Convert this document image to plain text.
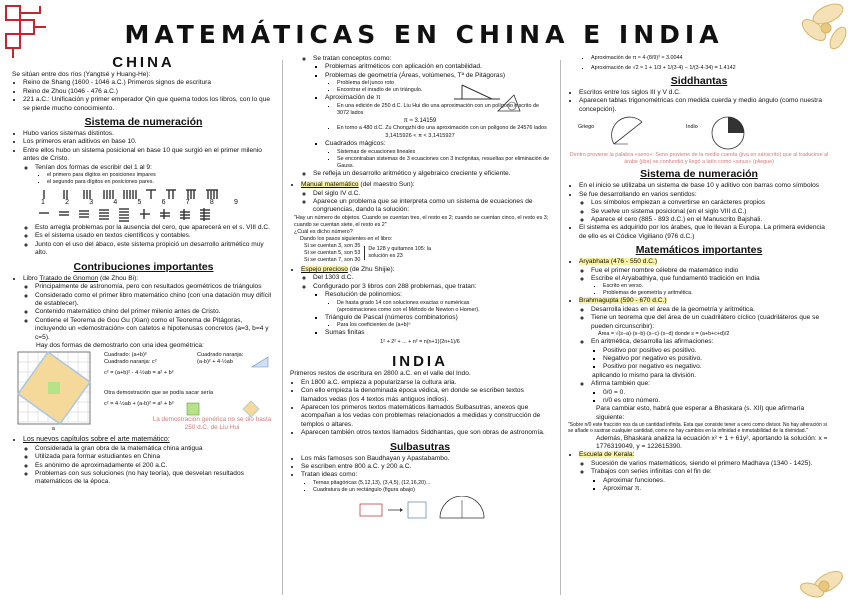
MATEMÁTICAS EN CHINA E INDIA
CHINA
Se sitúan entre dos ríos (Yangtsé y Huang-He):
• Reino de Shang (1600 - 1046 a.C.) Primeros signos de escritura
• Reino de Zhou (1046 - 476 a.C.)
• 221 a.C.: Unificación y primer emperador Qin que quema todos los libros, con lo que se pierde mucho conocimiento.
Sistema de numeración
• Hubo varios sistemas distintos.
• Los primeros eran aditivos en base 10.
• Entre ellos hubo un sistema posicional en base 10 que surgió en el primer milenio antes de Cristo.
◦ Tenían dos formas de escribir del 1 al 9:
▪ el primero para dígitos en posiciones impares
▪ el segundo para dígitos en posiciones pares.
1	2	3	4	5	6	7	8	9
◦ Esto arregla problemas por la ausencia del cero, que aparecerá en el s. VIII d.C.
◦ Es el sistema usado en textos científicos y contables.
◦ Junto con el uso del ábaco, este sistema propició un desarrollo aritmético muy alto.
Contribuciones importantes
• Libro Tratado de Gnomon (de Zhou Bi):
◦ Principalmente de astronomía, pero con resultados geométricos de triángulos
◦ Considerado como el primer libro matemático chino (con una datación muy difícil de establecer).
◦ Contenido matemático chino del primer milenio antes de Cristo.
◦ Contiene el Teorema de Gou Gu (Xian) como el Teorema de Pitágoras, incluyendo un «demostración» con catetos e hipotenusas concretos (a=3, b=4 y c=5).
Hay dos formas de demostrarlo con una idea geométrica:
a
Cuadrado: (a+b)²
Cuadrado naranja: c²
c² = (a+b)² - 4·½ab = a² + b²
Cuadrado naranja:
(a-b)² + 4·½ab
Otra demostración que se podía sacar sería
c² = 4·½ab + (a-b)² = a² + b²
La demostración genérica no se dio hasta 250 d.C. de Liu Hui
• Los nuevos capítulos sobre el arte matemático:
◦ Considerada la gran obra de la matemática china antigua
◦ Utilizada para formar estudiantes en China
◦ Es anónimo de aproximadamente el 200 a.C.
◦ Problemas con sus soluciones (no hay teoría), que desvelan resultados matemáticos de la época.
◦ Se tratan conceptos como:
▪ Problemas aritméticos con aplicación en contabilidad.
▪ Problemas de geometría (Áreas, volúmenes, Tª de Pitágoras)
▪ Problema del junco roto
▪ Encontrar el inradio de un triángulo.
▪ Aproximación de π
▪ En una edición de 250 d.C. Liu Hui dio una aproximación con un polígono inscrito de 3072 lados
π ≈ 3.14159
▪ En torno a 480 d.C. Zu Chongzhi dio una aproximación con un polígono de 24576 lados
3,1415926 < π < 3,1415927
▪ Cuadrados mágicos:
▪ Sistemas de ecuaciones lineales
▪ Se encontraban sistemas de 3 ecuaciones con 3 incógnitas, resueltas por eliminación de Gauss.
◦ Se refleja un desarrollo aritmético y algebraico creciente y eficiente.
• Manual matemático (del maestro Sun):
◦ Del siglo IV d.C.
◦ Aparece un problema que se interpreta como un sistema de ecuaciones de congruencias, dando la solución:
"Hay un número de objetos. Cuando se cuentan tres, el resto es 2; cuando se cuentan cinco, el resto es 3; cuando se cuentan siete, el resto es 2"
¿Cuál es dicho número?
Dando los pasos siguientes en el libro:
Si se cuentan 3, son 35
Si se cuentan 5, son 53
Si se cuentan 7, son 30
De 128 y quitamos 105: la solución es 23
• Espejo precioso (de Zhu Shijie):
◦ Del 1303 d.C.
◦ Configurado por 3 libros con 288 problemas, que tratan:
▪ Resolución de polinomios:
▪ De hasta grado 14 con soluciones exactas o numéricas
(aproximaciones como con el Método de Newton o Horner).
▪ Triángulo de Pascal (números combinatorios)
▪ Para los coeficientes de (a+b)ⁿ
▪ Sumas finitas
1² + 2² + ... + n² = n(n+1)(2n+1)/6
INDIA
Primeros restos de escritura en 2800 a.C. en el valle del Indo.
• En 1800 a.C. empieza a popularizarse la cultura aria.
• Con ello empieza la denominada época védica, en donde se escriben textos llamados vedas (los 4 textos más antiguos indios).
• Aparecen los primeros textos matemáticos llamados Sulbasutras, anexos que acompañan a los vedas con problemas relacionados a medidas y construcción de templos o altares.
• Aparecen también otros textos llamados Siddhantas, que son obras de astronomía.
Sulbasutras
• Los más famosos son Baudhayan y Apastabambo.
• Se escriben entre 800 a.C. y 200 a.C.
• Tratan ideas como:
▪ Ternas pitagóricas (5,12,13), (3,4,5), (12,16,20)...
▪ Cuadratura de un rectángulo (figura abajo)
▪ Aproximación de π ≈ 4·(8/9)² ≈ 3.0044
▪ Aproximación de √2 ≈ 1 + 1/3 + 1/(3·4) − 1/(3·4·34) = 1.4142
Siddhantas
• Escritos entre los siglos III y V d.C.
• Aparecen tablas trigonométricas con medida cuerda y medio ángulo (como nuestra concepción).
Griego	Indio
Dentro proviene la palabra «seno»: Seno proviene de la medio cuerda (jiva en sánscrito) que al traducirse al árabe (jiba) se confundió y llegó a latín como «sinus» (pliegue)
Sistema de numeración
• En el inicio se utilizaba un sistema de base 10 y aditivo con barras como símbolos
• Se fue desarrollando en varios sentidos:
◦ Los símbolos empiezan a convertirse en carácteres propios
◦ Se vuelve un sistema posicional (en el siglo VIII d.C.)
◦ Aparece el cero (885 - 893 d.C.) en el Manuscrito Bajshali.
• El sistema es adquirido por los árabes, que lo llevan a Europa. La primera evidencia de ello es el Códice Vigiliano (976 d.C.)
Matemáticos importantes
• Aryabhata (476 - 550 d.C.)
◦ Fue el primer nombre célebre de matemático indio
◦ Escribe el Aryabathiya, que fundamentó tradición en India
▪ Escrito en verso.
▪ Problemas de geometría y aritmética.
• Brahmagupta (590 - 670 d.C.)
◦ Desarrolla ideas en el área de la geometría y aritmética.
◦ Tiene un teorema que del área de un cuadrilátero cíclico (cuadriláteros que se pueden circunscribir):
Área = √(s−a)·(s−b)·(s−c)·(s−d) donde s = (a+b+c+d)/2
◦ En aritmética, desarrolla las afirmaciones:
▪ Positivo por positivo es positivo.
▪ Negativo por negativo es positivo.
▪ Positivo por negativo es negativo.
aplicando lo mismo para la división.
◦ Afirma también que:
▪ 0/0 = 0.
▪ n/0 es otro número.
Para cambiar esto, habrá que esperar a Bhaskara (s. XII) que afirmaría siguiente:
"Sobre n/0 este fracción nos da un cantidad infinita. Esta que consiste tener a cero como divisor. No hay alteración si se añade o sustrae cualquier cantidad, como no hay cambios en la infinidad e inmutabilidad de la divinidad."
Además, Bhaskara analiza la ecuación x² + 1 + 61y², aportando la solución: x = 1776319049, y = 122615390.
• Escuela de Kerala:
◦ Sucesión de varios matemáticos, siendo el primero Madhava (1340 - 1425).
◦ Trabajos con series infinitas con el fin de:
▪ Aproximar funciones.
▪ Aproximar π.
